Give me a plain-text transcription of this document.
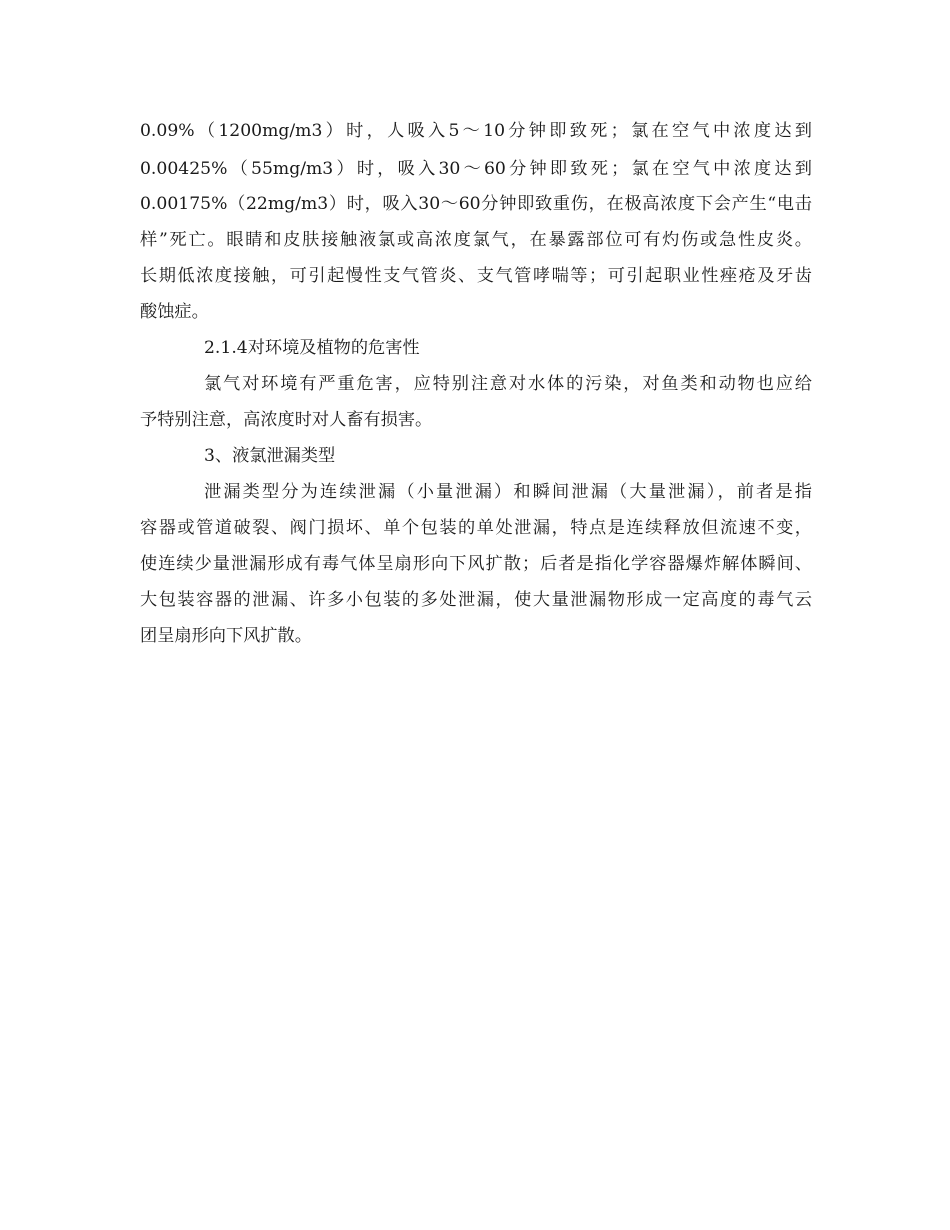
0.09%（1200mg/m3）时，人吸入5～10分钟即致死；氯在空气中浓度达到
0.00425%（55mg/m3）时，吸入30～60分钟即致死；氯在空气中浓度达到
0.00175%（22mg/m3）时，吸入30～60分钟即致重伤，在极高浓度下会产生“电击
样”死亡。眼睛和皮肤接触液氯或高浓度氯气，在暴露部位可有灼伤或急性皮炎。
长期低浓度接触，可引起慢性支气管炎、支气管哮喘等；可引起职业性痤疮及牙齿
酸蚀症。
2.1.4对环境及植物的危害性
氯气对环境有严重危害，应特别注意对水体的污染，对鱼类和动物也应给
予特别注意，高浓度时对人畜有损害。
3、液氯泄漏类型
泄漏类型分为连续泄漏（小量泄漏）和瞬间泄漏（大量泄漏），前者是指
容器或管道破裂、阀门损坏、单个包装的单处泄漏，特点是连续释放但流速不变，
使连续少量泄漏形成有毒气体呈扇形向下风扩散；后者是指化学容器爆炸解体瞬间、
大包装容器的泄漏、许多小包装的多处泄漏，使大量泄漏物形成一定高度的毒气云
团呈扇形向下风扩散。
